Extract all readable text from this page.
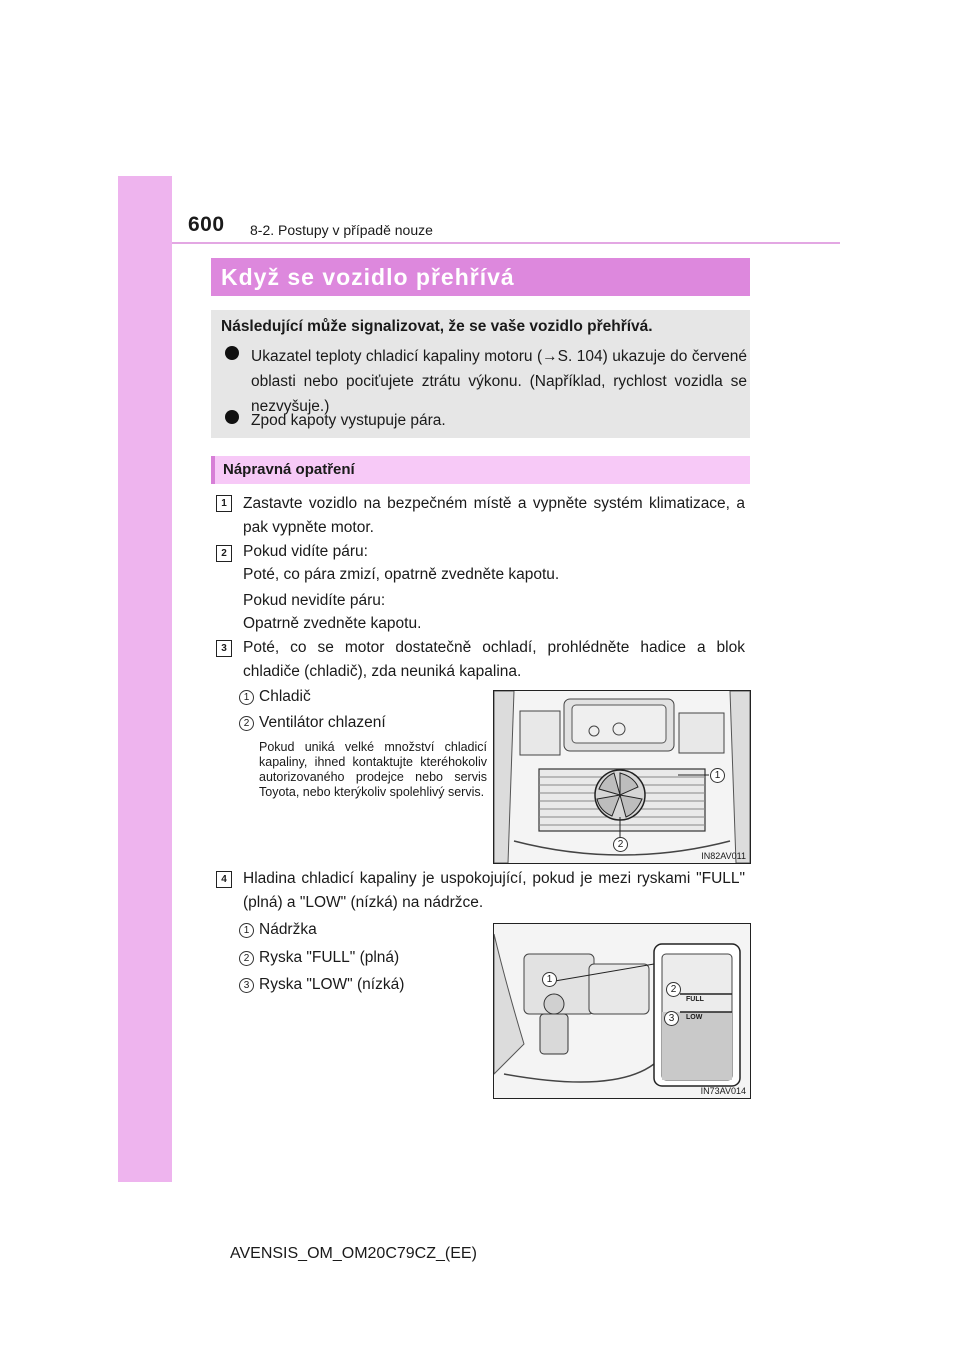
600 8-2. Postupy v případě nouze
Když se vozidlo přehřívá
Následující může signalizovat, že se vaše vozidlo přehřívá.
Ukazatel teploty chladicí kapaliny motoru (→S. 104) ukazuje do červené oblasti nebo pociťujete ztrátu výkonu. (Například, rychlost vozidla se nezvyšuje.)
Zpod kapoty vystupuje pára.
Nápravná opatření
1	Zastavte vozidlo na bezpečném místě a vypněte systém klimatizace, a pak vypněte motor.
2	Pokud vidíte páru:
Poté, co pára zmizí, opatrně zvedněte kapotu.
Pokud nevidíte páru:
Opatrně zvedněte kapotu.
3	Poté, co se motor dostatečně ochladí, prohlédněte hadice a blok chladiče (chladič), zda neuniká kapalina.
1 Chladič
2 Ventilátor chlazení
Pokud uniká velké množství chladicí kapaliny, ihned kontaktujte kteréhokoliv autorizovaného prodejce nebo servis Toyota, nebo kterýkoliv spolehlivý servis.
1
2
IN82AV011
4	Hladina chladicí kapaliny je uspokojující, pokud je mezi ryskami "FULL" (plná) a "LOW" (nízká) na nádržce.
1 Nádržka
2 Ryska "FULL" (plná)
3 Ryska "LOW" (nízká)
FULL
LOW
1
2
3
IN73AV014
AVENSIS_OM_OM20C79CZ_(EE)
